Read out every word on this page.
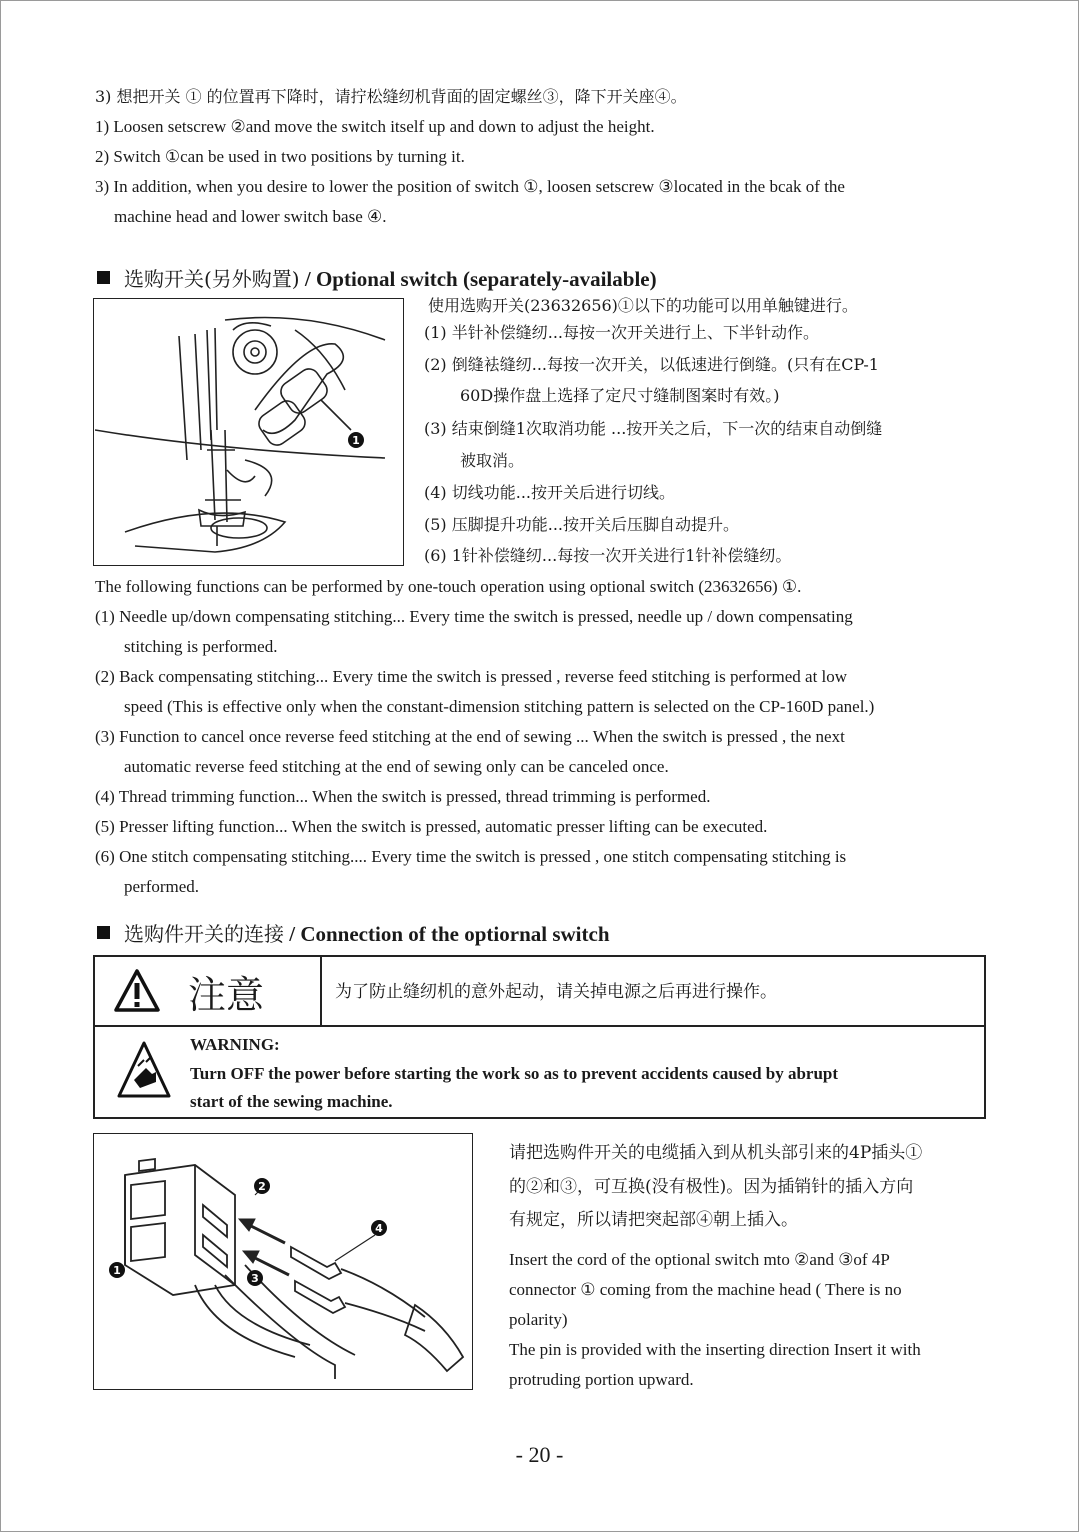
3) 想把开关 ① 的位置再下降时，请拧松缝纫机背面的固定螺丝③，降下开关座④。
1) Loosen setscrew ②and move the switch itself up and down to adjust the height.
2) Switch ①can be used in two positions by turning it.
3) In addition, when you desire to lower the position of switch ①, loosen setscrew ③located in the bcak of the
machine head and lower switch base ④.
选购开关(另外购置) / Optional switch (separately-available)
1
使用选购开关(23632656)①以下的功能可以用单触键进行。
(1) 半针补偿缝纫...每按一次开关进行上、下半针动作。
(2) 倒缝袪缝纫...每按一次开关，以低速进行倒缝。(只有在CP-1
60D操作盘上选择了定尺寸缝制图案时有效。)
(3) 结束倒缝1次取消功能 ...按开关之后，下一次的结束自动倒缝
被取消。
(4) 切线功能...按开关后进行切线。
(5) 压脚提升功能...按开关后压脚自动提升。
(6) 1针补偿缝纫...每按一次开关进行1针补偿缝纫。
The following functions can be performed by one-touch operation using optional switch (23632656) ①.
(1) Needle up/down compensating stitching... Every time the switch is pressed, needle up / down compensating
stitching is performed.
(2) Back compensating stitching... Every time the switch is pressed , reverse feed stitching is performed at low
speed (This is effective only when the constant-dimension stitching pattern is selected on the CP-160D panel.)
(3) Function to cancel once reverse feed stitching at the end of sewing ... When the switch is pressed , the next
automatic reverse feed stitching at the end of sewing only can be canceled once.
(4) Thread trimming function... When the switch is pressed, thread trimming is performed.
(5) Presser lifting function... When the switch is pressed, automatic presser lifting can be executed.
(6) One stitch compensating stitching.... Every time the switch is pressed , one stitch compensating stitching is
performed.
选购件开关的连接 / Connection of the optiornal switch
注意	为了防止缝纫机的意外起动，请关掉电源之后再进行操作。
WARNING:
Turn OFF the power before starting the work so as to prevent accidents caused by abrupt
start of the sewing machine.
1
2
3
4
请把选购件开关的电缆插入到从机头部引来的4P插头①
的②和③，可互换(没有极性)。因为插销针的插入方向
有规定，所以请把突起部④朝上插入。
Insert the cord of the optional switch mto ②and ③of 4P
connector ① coming from the machine head ( There is no
polarity)
The pin is provided with the inserting direction Insert it with
protruding portion upward.
- 20 -
